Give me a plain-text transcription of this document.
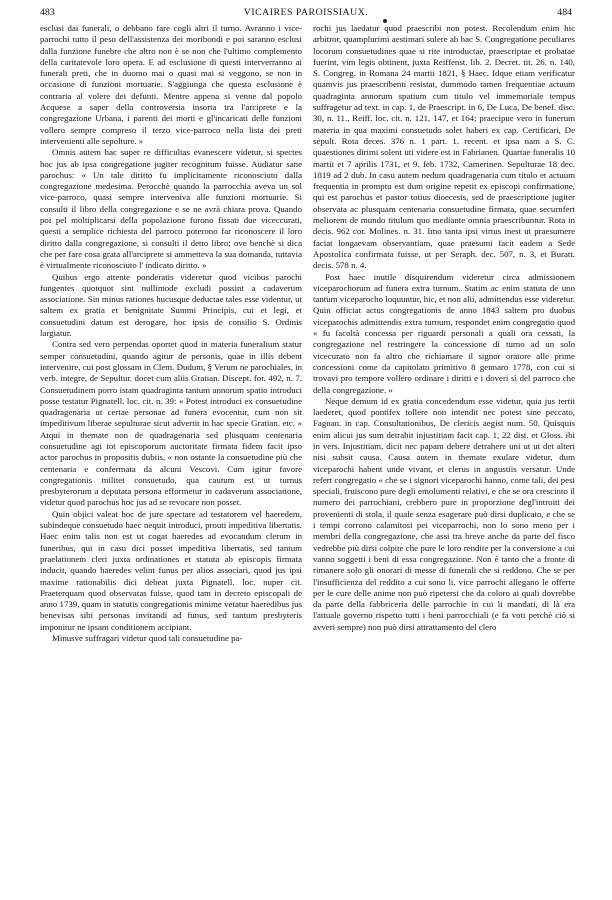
483	VICAIRES PAROISSIAUX.	484

esclusi dai funerali, o debbano fare cogli altri il turno. Avranno i vice-parrochi tutto il peso dell'assistenza dei moribondi e poi saranno esclusi dalla funzione funebre che altro non è se non che l'ultimo complemento della caritatevole loro opera. E ad esclusione di questi interverranno ai funerali preti, che in duomo mai o quasi mai si veggono, se non in occasione di funzioni mortuarie. S'aggiunga che questa esclusione è contraria al volere dei defunti. Mentre appena si venne dal popolo Acquese a saper della controversia insorta tra l'arciprete e la congregazione Urbana, i parenti dei morti e gl'incaricati delle funzioni vollero sempre compreso il terzo vice-parroco nella lista dei preti intervenienti alle sepolture. »

Omnis autem hac super re difficultas evanescere videtur, si spectes hoc jus ab ipsa congregatione jugiter recognitum fuisse. Audiatur sane parochus: « Un tale diritto fu implicitamente riconosciuto dalla congregazione medesima. Perocchè quando la parrocchia aveva un sol vice-parroco, quasi sempre interveniva alle funzioni mortuarie. Si consulti il libro della congregazione e se ne avrà chiara prova. Quando poi pel moltiplicarsi della popolazione furono fissati due viceccurati, questi a semplice richiesta del parroco poterono far riconoscere il loro diritto dalla congregazione, si consulti il detto libro; ove benchè si dica che per fare cosa grata all'arciprete si ammetteva la sua domanda, tuttavia è virtualmente riconosciuto l' indicato diritto. »

Quibus ergo attente ponderatis videretur quod vicibus parochi fungentes quotquot sint nullimode excludi possint a cadaverum associatione. Sin minus rationes hucusque deductae tales esse videntur, ut saltem ex gratia et benignitate Summi Principis, cui et legi, et consuetudini datum est derogare, hoc ipsis de consilio S. Ordinis largiatur.

Contra sed vero perpendas oportet quod in materia funeralium statur semper consuetudini, quando agitur de personis, quae in illis debent intervenire, cui post glossam in Clem. Dudum, § Verum ne parochiales, in verb. integre, de Sepultur. docet cum aliis Gratian. Discept. for. 492, n. 7. Consuetudinem porro istam quadraginta tantum annorum spatio introduci posse testatur Pignatell. loc. cit. n. 39: « Potest introduci ex consuetudine quadragenaria ut certae personae ad funera evocentur, cum non sit impeditivum liberae sepulturae sicut advertit in hac specie Gratian. etc. » Atqui in themate non de quadragenaria sed plusquam centenaria consuetudine agi tot episcoporum auctoritate firmata fidem facit ipso actor parochus in propositis dubiis, « non ostante la consuetudine più che centenaria e confermata da alcuni Vescovi. Cum igitur favore congregationis militet consuetudo, qua cautum est ut turnus presbyterorum a deputata persona efformetur in cadaverum associatione, videtur quod parochus hoc jus ad se revocare non posset.

Quin objici valeat hoc de jure spectare ad testatorem vel haeredem, subindeque consuetudo haec nequit introduci, prouti impeditiva libertatis. Haec enim talis non est ut cogat haeredes ad evocandum clerum in funeribus, qui in casu dici posset impeditiva libertatis, sed tantum praelationem cleri juxta ordinationes et statuta ab episcopis firmata inducit, quando haeredes velint funus per alios associari, quod jus ipsi maxime rationabilis dici debeat juxta Pignatell. loc. nuper cit. Praeterquam quod observatas fuisse, quod tam in decreto episcopali de anno 1739, quam in statutis congregationis minime vetatur haeredibus jus benevisas sibi personas invitandi ad funus, sed tantum presbyteris imponitur ne ipsam conditionem accipiant.

Minusve suffragari videtur quod tali consuetudine pa-

rochi jus laedatur quod praescribi non potest. Recolendum enim hic arbitror, quamplurimi aestimari solere ab hac S. Congregatione peculiares locorum consuetudines quae si rite introductae, praescriptae et probatae fuerint, vim legis obtinent, juxta Reiffenst. lib. 2. Decret. tit. 26. n. 140, S. Congreg. in Romana 24 martii 1821, § Haec. Idque etiam verificatur quamvis jus praescribenti resistat, dummodo tamen frequentiae actuum quadraginta annorum spatium cum titulo vel immemoriale tempus suffragetur ad text. in cap. 1, de Praescript. in 6, De Luca, De benef. disc. 30, n. 11., Reiff. loc. cit. n. 121, 147, et 164; praecipue vero in funerum materia in qua maximi consuetudo solet haberi ex cap. Certificari, De sepult. Rota deces. 376 n. 1 part. 1. recent. et ipsa nam a S. C. quaestiones dirimi solent uti videre est in Fabrianen. Quartae funeralis 10 martii et 7 aprilis 1731, et 9. feb. 1732, Camerinen. Sepulturae 18 dec. 1819 ad 2 dub. In casu autem nedum quadragenaria cum titulo et actuum frequentia in promptu est dum origine repetit ex episcopi confirmatione, qui est parochus et pastor totius dioecesis, sed de praescriptione jugiter observata ac plusquam centenaria consuetudine firmata, quae securnfert meliorem de mundo titulum quo mediante omnia praescribuntur. Rota in decis. 962 cor. Molines. n. 31. Imo tanta ipsi virtus inest ut praesumere faciat longaevam observantiam, quae praesumi facit eadem a Sede Apostolica confirmata fuisse, ut per Seraph. dec. 507, n. 3, et Buratt. decis. 578 n. 4.

Post haec inutile disquirendum videretur circa admissionem viceparochorum ad funera extra turnum. Statim ac enim statuta de uno tantum viceparocho loquuntur, hic, et non alii, admittendus esse videretur. Quin officiat actus congregationis de anno 1843 saltem pro duobus viceparochis admittendis extra turnum, respondet enim congregatio quod « fu facoltà concessa per riguardi personali a quali ora cessati, la congregazione nel restringere la concessione di turno ad un solo vicecurato non fa altro che richiamare il signor oratore alle prime concessioni come da capitolato primitivo 8 gennaro 1778, con cui si trovavi pro tempore vollero ordinare i diritti e i doveri sì del parroco che della congregazione. »

Neque demum id ex gratia concedendum esse videtur, quia jus tertii laederet, quod pontifex tollere non intendit nec potest sine peccato, Fagnan. in cap. Consultationibus, De clericis aegist num. 50. Quisquis enim alicui jus sum detrahit injustitiam facit cap. 1, 22 dist. et Gloss. ibi in vers. Injustitiam, dicit nec papam debere detrahere uni ut ut det alteri nisi subsit causa. Causa autem in themate exulare videtur, dum viceparochi habent unde vivant, et clerus in angustiis versatur. Unde refert congregatio « che se i signori viceparochi hanno, come tali, dei pesi speciali, fruiscono pure degli emolumenti relativi, e che se ora crescinto il numero dei parrochiani, crebbero pure in proporzione degl'introiti dei provenienti di stola, il quale senza esagerare può dirsi duplicato, e che se i tempi corrono calamitosi pei viceparrochi, non lo sono meno per i membri della congregazione, che assi tra breve anche da parte del fisco vedrebbe più dirsi colpite che pure le loro rendite per la conversione a cui vanno soggetti i beni di essa congregazione. Non è tanto che a fronte di rimanere solo gli onorari di messe di funerali che si reddono. Che se per l'insufficienza del reddito a cui sono li, vice parrochi allegano le offerte per le cure delle anime non può ripetersi che da coloro ai quali dovrebbe da parte della fabbriceria delle parrochie in cui li mandati, di là era l'attuale governo rispetto tutti i beni parrocchiali (e fa voti perchè ciò si avveri sempre) non può dirsi attrattamento del clero
